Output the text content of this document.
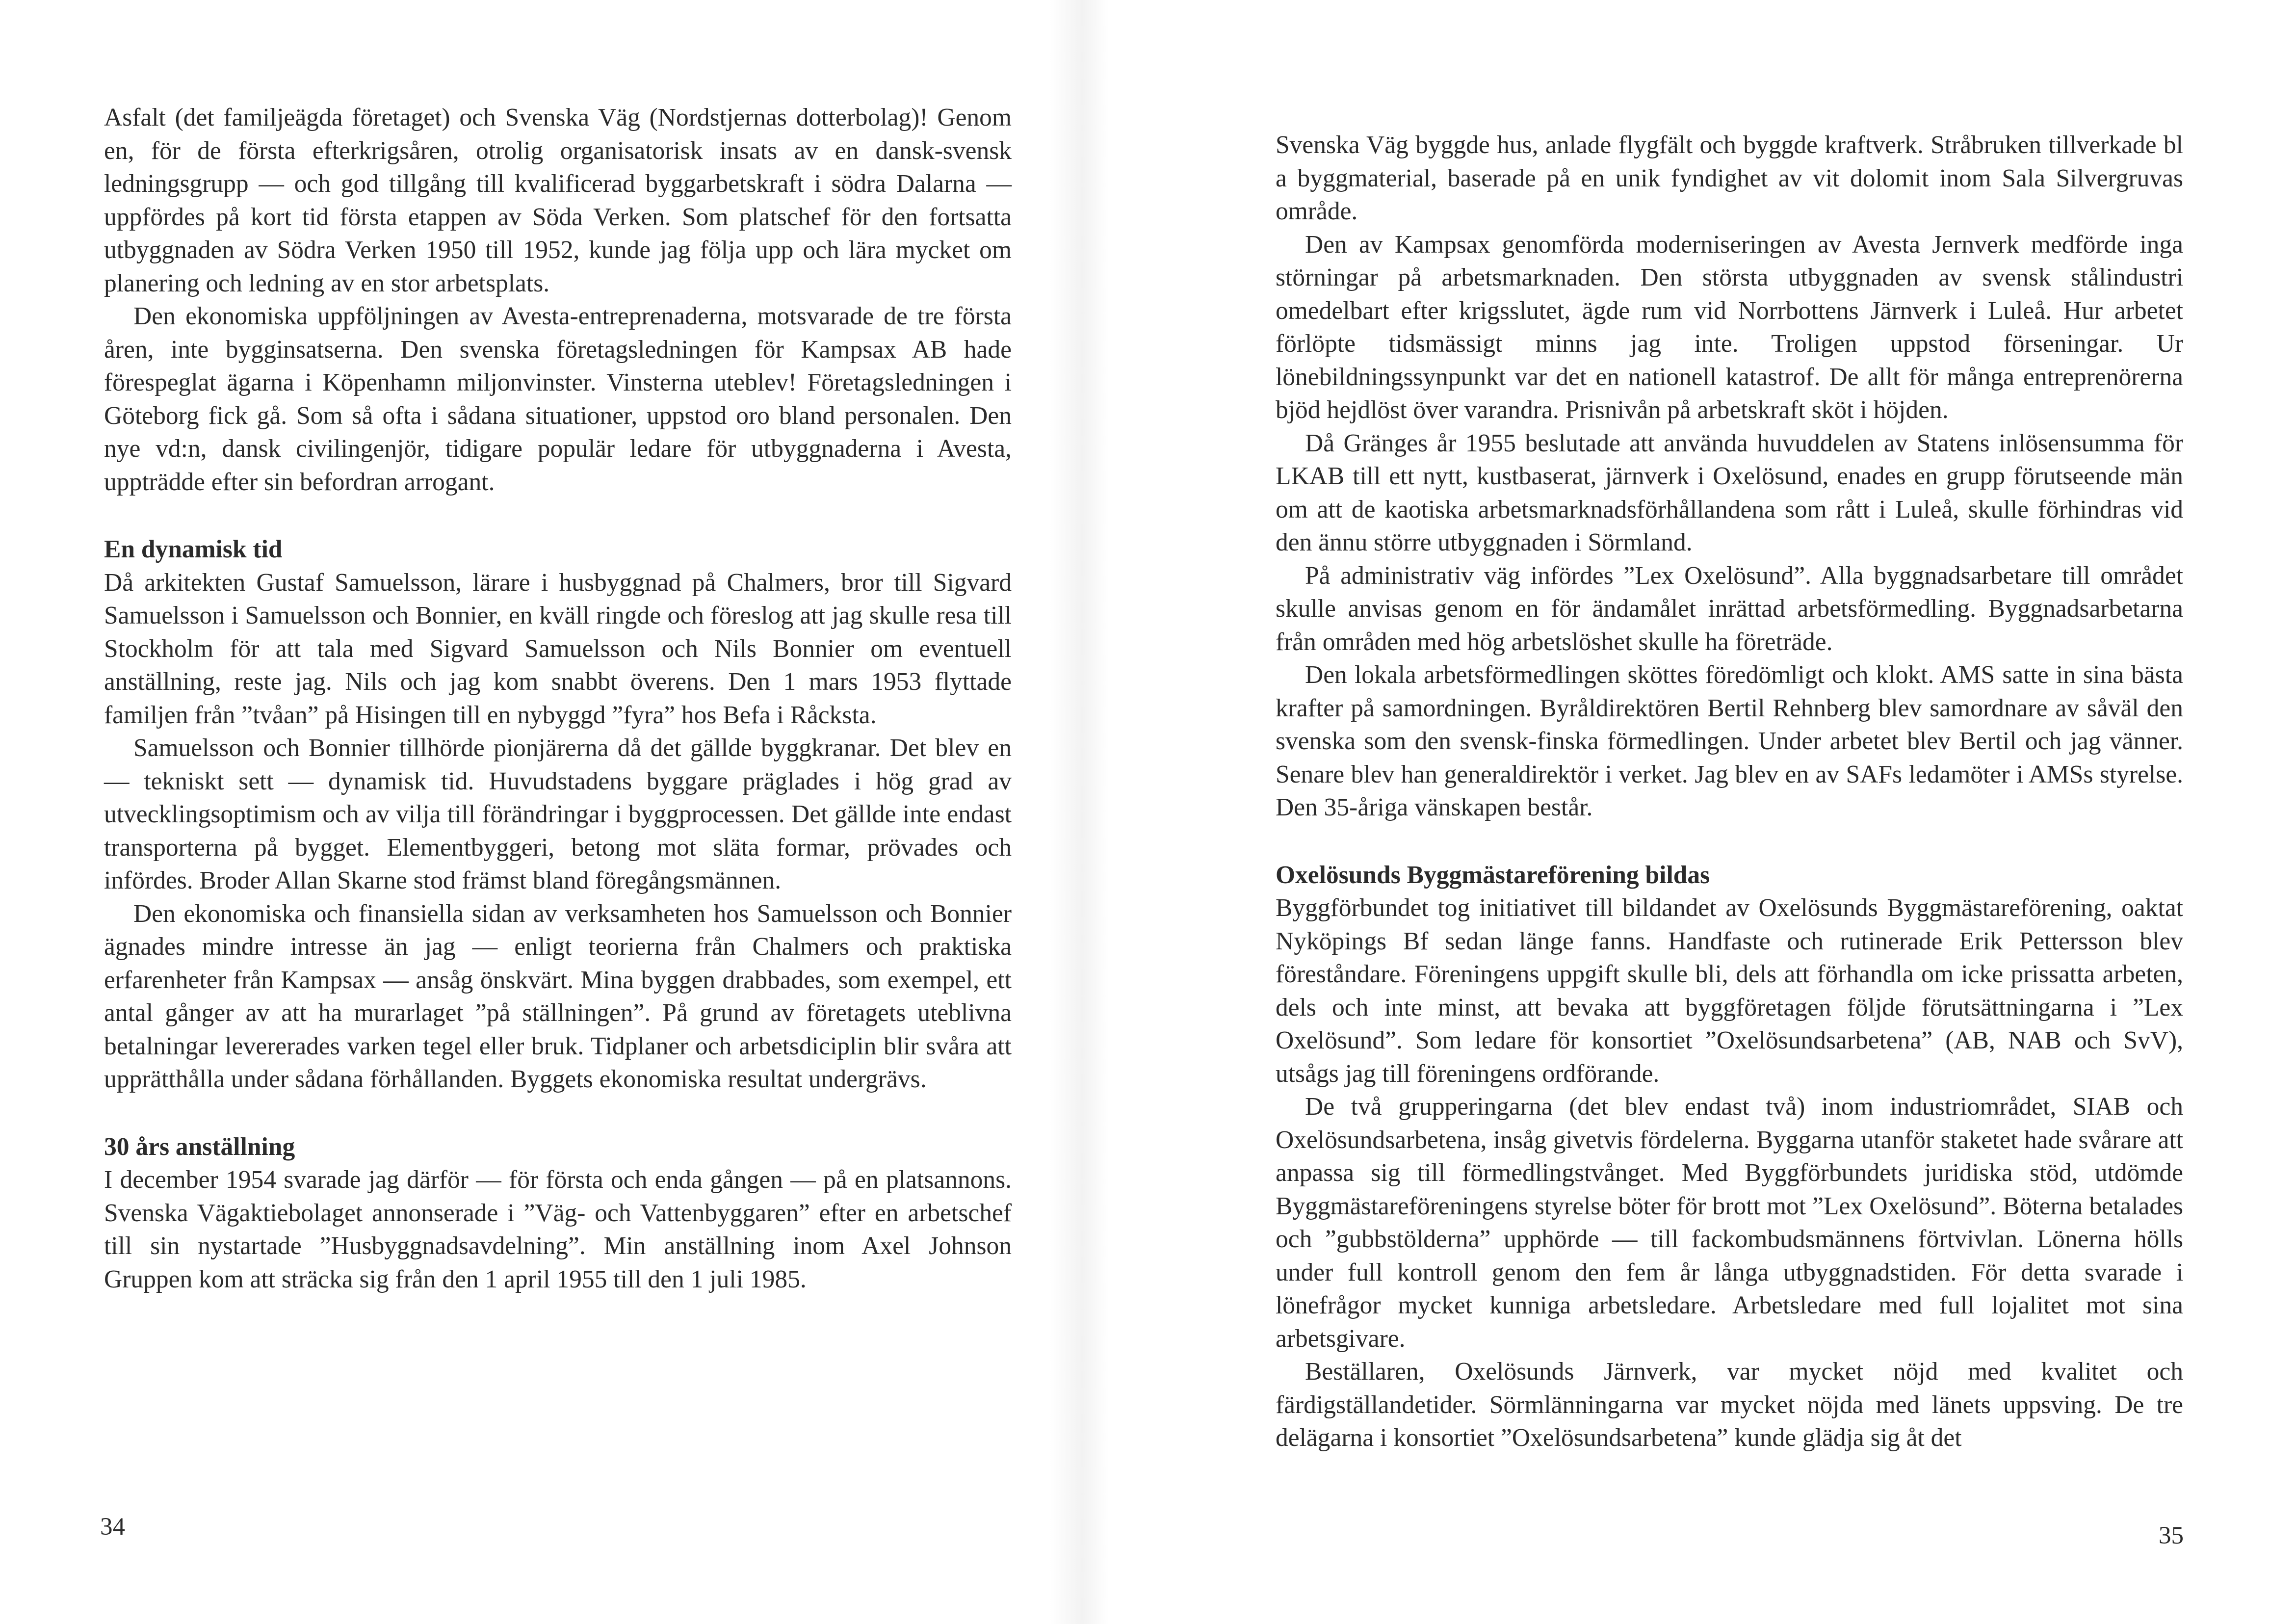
Asfalt (det familjeägda företaget) och Svenska Väg (Nordstjernas dotterbolag)! Genom en, för de första efterkrigsåren, otrolig organisatorisk insats av en dansk-svensk ledningsgrupp — och god tillgång till kvalificerad byggarbetskraft i södra Dalarna — uppfördes på kort tid första etappen av Söda Verken. Som platschef för den fortsatta utbyggnaden av Södra Verken 1950 till 1952, kunde jag följa upp och lära mycket om planering och ledning av en stor arbetsplats.

Den ekonomiska uppföljningen av Avesta-entreprenaderna, motsvarade de tre första åren, inte bygginsatserna. Den svenska företagsledningen för Kampsax AB hade förespeglat ägarna i Köpenhamn miljonvinster. Vinsterna uteblev! Företagsledningen i Göteborg fick gå. Som så ofta i sådana situationer, uppstod oro bland personalen. Den nye vd:n, dansk civilingenjör, tidigare populär ledare för utbyggnaderna i Avesta, uppträdde efter sin befordran arrogant.

En dynamisk tid

Då arkitekten Gustaf Samuelsson, lärare i husbyggnad på Chalmers, bror till Sigvard Samuelsson i Samuelsson och Bonnier, en kväll ringde och föreslog att jag skulle resa till Stockholm för att tala med Sigvard Samuelsson och Nils Bonnier om eventuell anställning, reste jag. Nils och jag kom snabbt överens. Den 1 mars 1953 flyttade familjen från ”tvåan” på Hisingen till en nybyggd ”fyra” hos Befa i Råcksta.

Samuelsson och Bonnier tillhörde pionjärerna då det gällde byggkranar. Det blev en — tekniskt sett — dynamisk tid. Huvudstadens byggare präglades i hög grad av utvecklingsoptimism och av vilja till förändringar i byggprocessen. Det gällde inte endast transporterna på bygget. Elementbyggeri, betong mot släta formar, prövades och infördes. Broder Allan Skarne stod främst bland föregångsmännen.

Den ekonomiska och finansiella sidan av verksamheten hos Samuelsson och Bonnier ägnades mindre intresse än jag — enligt teorierna från Chalmers och praktiska erfarenheter från Kampsax — ansåg önskvärt. Mina byggen drabbades, som exempel, ett antal gånger av att ha murarlaget ”på ställningen”. På grund av företagets uteblivna betalningar levererades varken tegel eller bruk. Tidplaner och arbetsdiciplin blir svåra att upprätthålla under sådana förhållanden. Byggets ekonomiska resultat undergrävs.

30 års anställning

I december 1954 svarade jag därför — för första och enda gången — på en platsannons. Svenska Vägaktiebolaget annonserade i ”Väg- och Vattenbyggaren” efter en arbetschef till sin nystartade ”Husbyggnadsavdelning”. Min anställning inom Axel Johnson Gruppen kom att sträcka sig från den 1 april 1955 till den 1 juli 1985.

34

Svenska Väg byggde hus, anlade flygfält och byggde kraftverk. Stråbruken tillverkade bl a byggmaterial, baserade på en unik fyndighet av vit dolomit inom Sala Silvergruvas område.

Den av Kampsax genomförda moderniseringen av Avesta Jernverk medförde inga störningar på arbetsmarknaden. Den största utbyggnaden av svensk stålindustri omedelbart efter krigsslutet, ägde rum vid Norrbottens Järnverk i Luleå. Hur arbetet förlöpte tidsmässigt minns jag inte. Troligen uppstod förseningar. Ur lönebildningssynpunkt var det en nationell katastrof. De allt för många entreprenörerna bjöd hejdlöst över varandra. Prisnivån på arbetskraft sköt i höjden.

Då Gränges år 1955 beslutade att använda huvuddelen av Statens inlösensumma för LKAB till ett nytt, kustbaserat, järnverk i Oxelösund, enades en grupp förutseende män om att de kaotiska arbetsmarknadsförhållandena som rått i Luleå, skulle förhindras vid den ännu större utbyggnaden i Sörmland.

På administrativ väg infördes ”Lex Oxelösund”. Alla byggnadsarbetare till området skulle anvisas genom en för ändamålet inrättad arbetsförmedling. Byggnadsarbetarna från områden med hög arbetslöshet skulle ha företräde.

Den lokala arbetsförmedlingen sköttes föredömligt och klokt. AMS satte in sina bästa krafter på samordningen. Byråldirektören Bertil Rehnberg blev samordnare av såväl den svenska som den svensk-finska förmedlingen. Under arbetet blev Bertil och jag vänner. Senare blev han generaldirektör i verket. Jag blev en av SAFs ledamöter i AMSs styrelse. Den 35-åriga vänskapen består.

Oxelösunds Byggmästareförening bildas

Byggförbundet tog initiativet till bildandet av Oxelösunds Byggmästareförening, oaktat Nyköpings Bf sedan länge fanns. Handfaste och rutinerade Erik Pettersson blev föreståndare. Föreningens uppgift skulle bli, dels att förhandla om icke prissatta arbeten, dels och inte minst, att bevaka att byggföretagen följde förutsättningarna i ”Lex Oxelösund”. Som ledare för konsortiet ”Oxelösundsarbetena” (AB, NAB och SvV), utsågs jag till föreningens ordförande.

De två grupperingarna (det blev endast två) inom industriområdet, SIAB och Oxelösundsarbetena, insåg givetvis fördelerna. Byggarna utanför staketet hade svårare att anpassa sig till förmedlingstvånget. Med Byggförbundets juridiska stöd, utdömde Byggmästareföreningens styrelse böter för brott mot ”Lex Oxelösund”. Böterna betalades och ”gubbstölderna” upphörde — till fackombudsmännens förtvivlan. Lönerna hölls under full kontroll genom den fem år långa utbyggnadstiden. För detta svarade i lönefrågor mycket kunniga arbetsledare. Arbetsledare med full lojalitet mot sina arbetsgivare.

Beställaren, Oxelösunds Järnverk, var mycket nöjd med kvalitet och färdigställandetider. Sörmlänningarna var mycket nöjda med länets uppsving. De tre delägarna i konsortiet ”Oxelösundsarbetena” kunde glädja sig åt det

35
